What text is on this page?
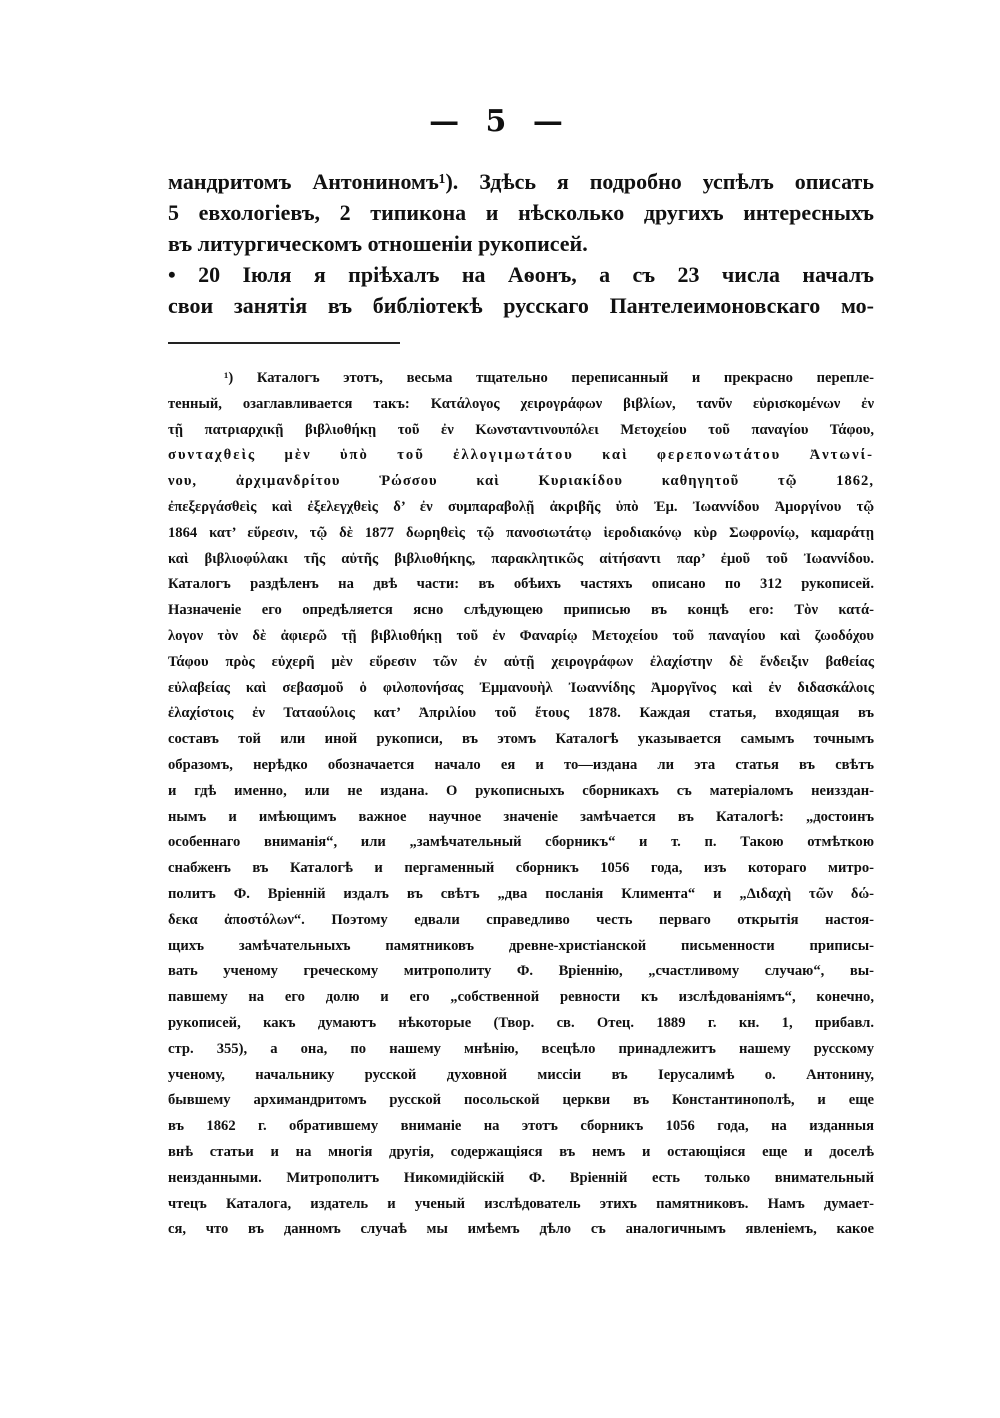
— 5 —
мандритомъ Антониномъ¹). Здѣсь я подробно успѣлъ описать
5 евхологіевъ, 2 типикона и нѣсколько другихъ интересныхъ
въ литургическомъ отношеніи рукописей.
• 20 Іюля я пріѣхалъ на Аѳонъ, а съ 23 числа началъ
свои занятія въ библіотекѣ русскаго Пантелеимоновскаго мо-
¹) Каталогъ этотъ, весьма тщательно переписанный и прекрасно перепле-
тенный, озаглавливается такъ: Κατάλογος χειρογράφων βιβλίων, τανῦν εὑρισκομένων ἐν
τῇ πατριαρχικῇ βιβλιοθήκῃ τοῦ ἐν Κωνσταντινουπόλει Μετοχείου τοῦ παναγίου Τάφου,
συνταχθεὶς μὲν ὑπὸ τοῦ ἐλλογιμωτάτου καὶ φερεπονωτάτου Ἀντωνί-
νου, ἀρχιμανδρίτου Ῥώσσου καὶ Κυριακίδου καθηγητοῦ τῷ 1862,
ἐπεξεργάσθεὶς καὶ ἐξελεγχθεὶς δ’ ἐν συμπαραβολῇ ἀκριβῆς ὑπὸ Ἐμ. Ἰωαννίδου Ἀμοργίνου τῷ
1864 κατ’ εὕρεσιν, τῷ δὲ 1877 δωρηθεὶς τῷ πανοσιωτάτῳ ἱεροδιακόνῳ κὺρ Σωφρονίῳ, καμαράτῃ
καὶ βιβλιοφύλακι τῆς αὐτῆς βιβλιοθήκης, παρακλητικῶς αἰτήσαντι παρ’ ἐμοῦ τοῦ Ἰωαννίδου.
Каталогъ раздѣленъ на двѣ части: въ обѣихъ частяхъ описано по 312 рукописей.
Назначеніе его опредѣляется ясно слѣдующею приписью въ концѣ его: Τὸν κατά-
λογον τὸν δὲ ἀφιερῶ τῇ βιβλιοθήκῃ τοῦ ἐν Φαναρίῳ Μετοχείου τοῦ παναγίου καὶ ζωοδόχου
Τάφου πρὸς εὐχερῆ μὲν εὕρεσιν τῶν ἐν αὐτῇ χειρογράφων ἐλαχίστην δὲ ἔνδειξιν βαθείας
εὐλαβείας καὶ σεβασμοῦ ὁ φιλοπονήσας Ἐμμανουὴλ Ἰωαννίδης Ἀμοργῖνος καὶ ἐν διδασκάλοις
ἐλαχίστοις ἐν Ταταούλοις κατ’ Ἀπριλίου τοῦ ἔτους 1878. Каждая статья, входящая въ
составъ той или иной рукописи, въ этомъ Каталогѣ указывается самымъ точнымъ
образомъ, нерѣдко обозначается начало ея и то—издана ли эта статья въ свѣтъ
и гдѣ именно, или не издана. О рукописныхъ сборникахъ съ матеріаломъ неизздан-
нымъ и имѣющимъ важное научное значеніе замѣчается въ Каталогѣ: „достоинъ
особеннаго вниманія“, или „замѣчательный сборникъ“ и т. п. Такою отмѣткою
снабженъ въ Каталогѣ и пергаменный сборникъ 1056 года, изъ котораго митро-
политъ Ф. Вріенній издалъ въ свѣтъ „два посланія Климента“ и „Διδαχὴ τῶν δώ-
δεκα ἀποστόλων“. Поэтому едвали справедливо честь перваго открытія настоя-
щихъ замѣчательныхъ памятниковъ древне-христіанской письменности приписы-
вать ученому греческому митрополиту Ф. Вріеннію, „счастливому случаю“, вы-
павшему на его долю и его „собственной ревности къ изслѣдованіямъ“, конечно,
рукописей, какъ думаютъ нѣкоторые (Твор. св. Отец. 1889 г. кн. 1, прибавл.
стр. 355), а она, по нашему мнѣнію, всецѣло принадлежитъ нашему русскому
ученому, начальнику русской духовной миссіи въ Іерусалимѣ о. Антонину,
бывшему архимандритомъ русской посольской церкви въ Константинополѣ, и еще
въ 1862 г. обратившему вниманіе на этотъ сборникъ 1056 года, на изданныя
внѣ статьи и на многія другія, содержащіяся въ немъ и остающіяся еще и доселѣ
неизданными. Митрополитъ Никомидійскій Ф. Вріенній есть только внимательный
чтецъ Каталога, издатель и ученый изслѣдователь этихъ памятниковъ. Намъ думает-
ся, что въ данномъ случаѣ мы имѣемъ дѣло съ аналогичнымъ явленіемъ, какое
